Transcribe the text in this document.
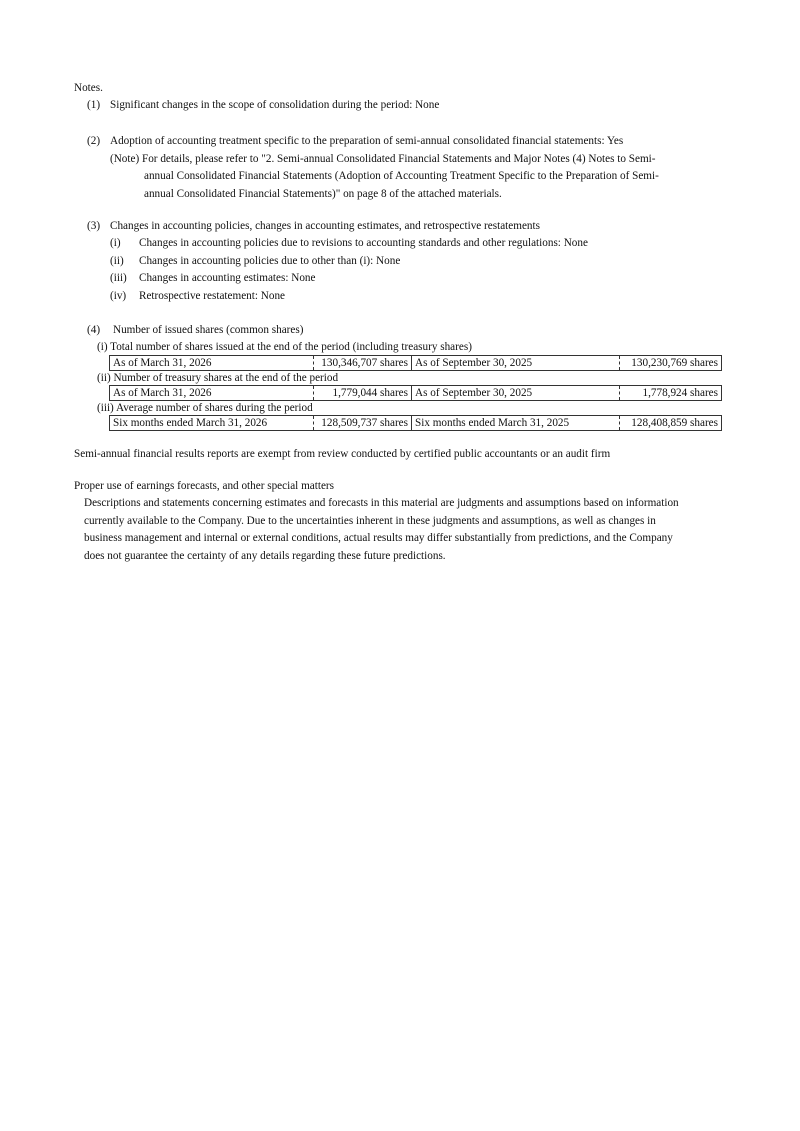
Notes.
(1) Significant changes in the scope of consolidation during the period: None
(2) Adoption of accounting treatment specific to the preparation of semi-annual consolidated financial statements: Yes
(Note) For details, please refer to "2. Semi-annual Consolidated Financial Statements and Major Notes (4) Notes to Semi-
annual Consolidated Financial Statements (Adoption of Accounting Treatment Specific to the Preparation of Semi-
annual Consolidated Financial Statements)" on page 8 of the attached materials.
(3) Changes in accounting policies, changes in accounting estimates, and retrospective restatements
(i) Changes in accounting policies due to revisions to accounting standards and other regulations: None
(ii) Changes in accounting policies due to other than (i): None
(iii) Changes in accounting estimates: None
(iv) Retrospective restatement: None
(4) Number of issued shares (common shares)
(i) Total number of shares issued at the end of the period (including treasury shares)
As of March 31, 2026	130,346,707 shares	As of September 30, 2025	130,230,769 shares
(ii) Number of treasury shares at the end of the period
As of March 31, 2026	1,779,044 shares	As of September 30, 2025	1,778,924 shares
(iii) Average number of shares during the period
Six months ended March 31, 2026	128,509,737 shares	Six months ended March 31, 2025	128,408,859 shares
Semi-annual financial results reports are exempt from review conducted by certified public accountants or an audit firm
Proper use of earnings forecasts, and other special matters
Descriptions and statements concerning estimates and forecasts in this material are judgments and assumptions based on information
currently available to the Company. Due to the uncertainties inherent in these judgments and assumptions, as well as changes in
business management and internal or external conditions, actual results may differ substantially from predictions, and the Company
does not guarantee the certainty of any details regarding these future predictions.
